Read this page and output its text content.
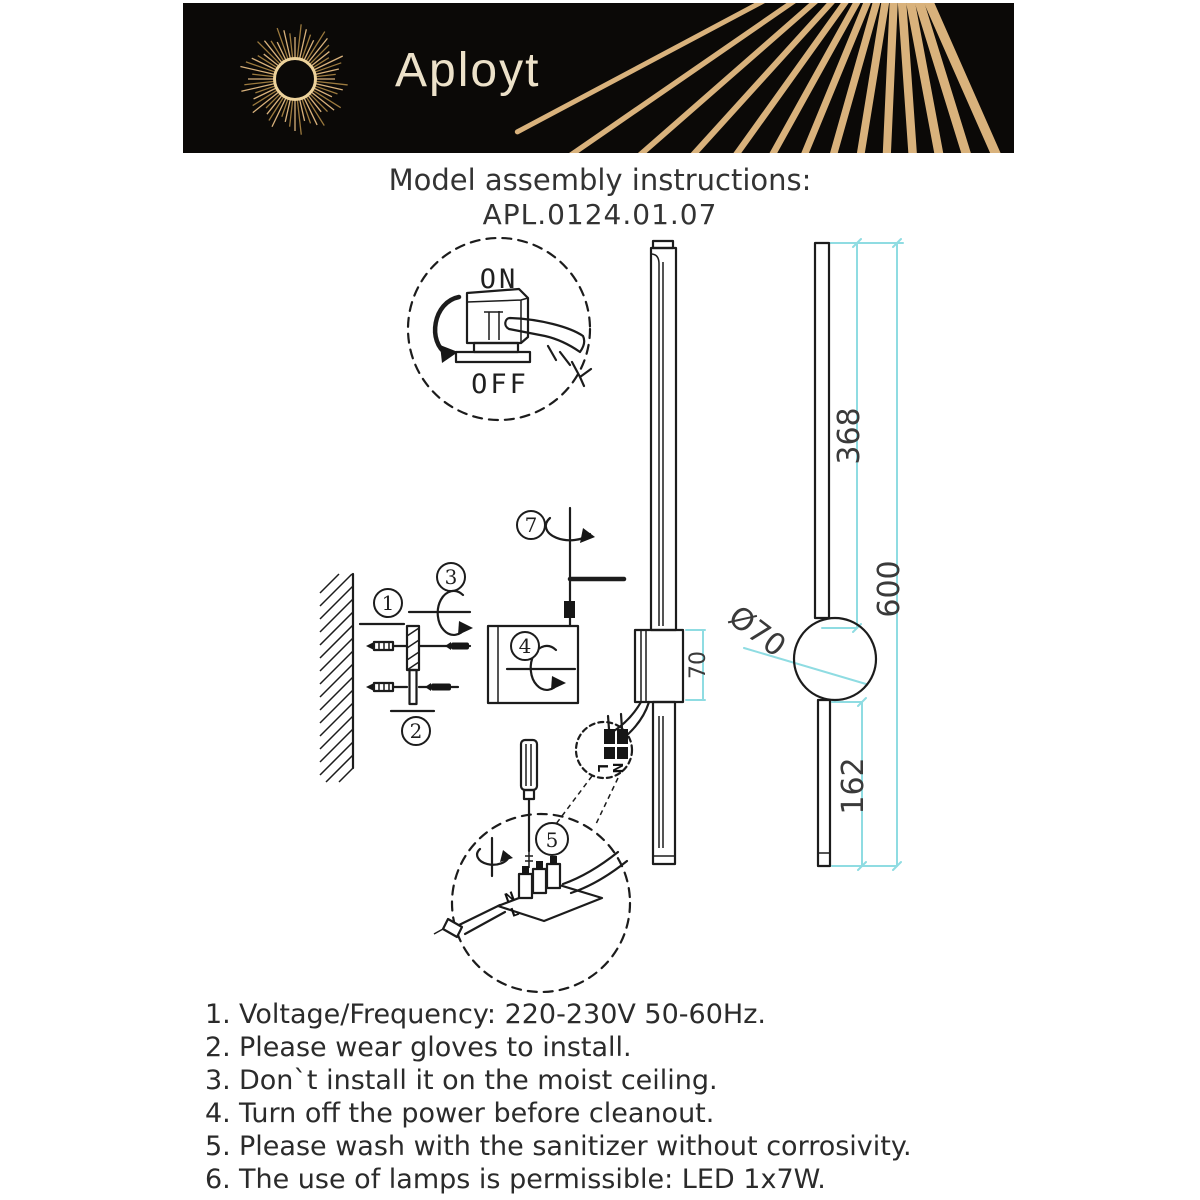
Aployt
Model assembly instructions:
APL.0124.01.07
ON
OFF
L N
N
L
368
600
162
70
Ø70
1
2
3
4
5
7
1. Voltage/Frequency: 220-230V 50-60Hz.
2. Please wear gloves to install.
3. Don`t install it on the moist ceiling.
4. Turn off the power before cleanout.
5. Please wash with the sanitizer without corrosivity.
6. The use of lamps is permissible: LED 1x7W.
